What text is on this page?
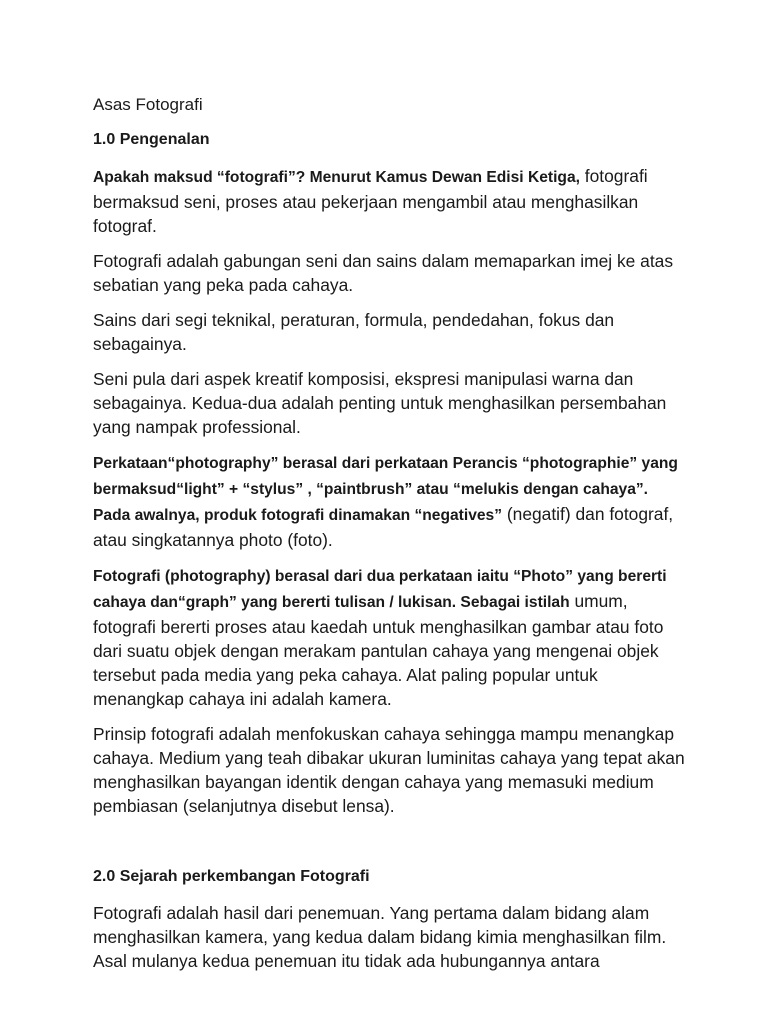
Asas Fotografi
1.0 Pengenalan

Apakah maksud “fotografi”? Menurut Kamus Dewan Edisi Ketiga, fotografi bermaksud seni, proses atau pekerjaan mengambil atau menghasilkan fotograf.

Fotografi adalah gabungan seni dan sains dalam memaparkan imej ke atas sebatian yang peka pada cahaya.

Sains dari segi teknikal, peraturan, formula, pendedahan, fokus dan sebagainya.

Seni pula dari aspek kreatif komposisi, ekspresi manipulasi warna dan sebagainya. Kedua-dua adalah penting untuk menghasilkan persembahan yang nampak professional.

Perkataan“photography” berasal dari perkataan Perancis “photographie” yang bermaksud“light” + “stylus” , “paintbrush” atau “melukis dengan cahaya”. Pada awalnya, produk fotografi dinamakan “negatives” (negatif) dan fotograf, atau singkatannya photo (foto).

Fotografi (photography) berasal dari dua perkataan iaitu “Photo” yang bererti cahaya dan“graph” yang bererti tulisan / lukisan. Sebagai istilah umum, fotografi bererti proses atau kaedah untuk menghasilkan gambar atau foto dari suatu objek dengan merakam pantulan cahaya yang mengenai objek tersebut pada media yang peka cahaya. Alat paling popular untuk menangkap cahaya ini adalah kamera.

Prinsip fotografi adalah menfokuskan cahaya sehingga mampu menangkap cahaya. Medium yang teah dibakar ukuran luminitas cahaya yang tepat akan menghasilkan bayangan identik dengan cahaya yang memasuki medium pembiasan (selanjutnya disebut lensa).

2.0 Sejarah perkembangan Fotografi

Fotografi adalah hasil dari penemuan. Yang pertama dalam bidang alam menghasilkan kamera, yang kedua dalam bidang kimia menghasilkan film. Asal mulanya kedua penemuan itu tidak ada hubungannya antara
